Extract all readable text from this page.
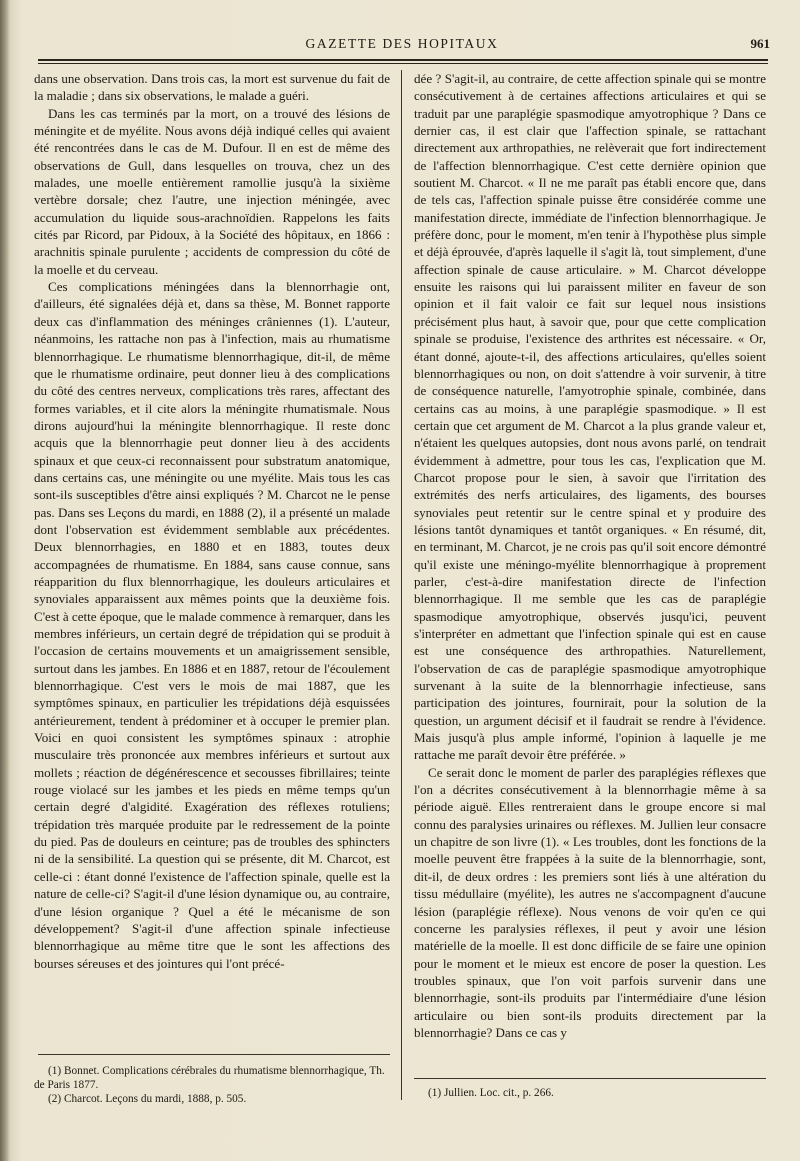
GAZETTE DES HOPITAUX	961

dans une observation. Dans trois cas, la mort est survenue du fait de la maladie ; dans six observations, le malade a guéri.

Dans les cas terminés par la mort, on a trouvé des lésions de méningite et de myélite. Nous avons déjà indiqué celles qui avaient été rencontrées dans le cas de M. Dufour. Il en est de même des observations de Gull, dans lesquelles on trouva, chez un des malades, une moelle entièrement ramollie jusqu'à la sixième vertèbre dorsale; chez l'autre, une injection méningée, avec accumulation du liquide sous-arachnoïdien. Rappelons les faits cités par Ricord, par Pidoux, à la Société des hôpitaux, en 1866 : arachnitis spinale purulente ; accidents de compression du côté de la moelle et du cerveau.

Ces complications méningées dans la blennorrhagie ont, d'ailleurs, été signalées déjà et, dans sa thèse, M. Bonnet rapporte deux cas d'inflammation des méninges crâniennes (1). L'auteur, néanmoins, les rattache non pas à l'infection, mais au rhumatisme blennorrhagique. Le rhumatisme blennorrhagique, dit-il, de même que le rhumatisme ordinaire, peut donner lieu à des complications du côté des centres nerveux, complications très rares, affectant des formes variables, et il cite alors la méningite rhumatismale. Nous dirons aujourd'hui la méningite blennorrhagique. Il reste donc acquis que la blennorrhagie peut donner lieu à des accidents spinaux et que ceux-ci reconnaissent pour substratum anatomique, dans certains cas, une méningite ou une myélite. Mais tous les cas sont-ils susceptibles d'être ainsi expliqués ? M. Charcot ne le pense pas. Dans ses Leçons du mardi, en 1888 (2), il a présenté un malade dont l'observation est évidemment semblable aux précédentes. Deux blennorrhagies, en 1880 et en 1883, toutes deux accompagnées de rhumatisme. En 1884, sans cause connue, sans réapparition du flux blennorrhagique, les douleurs articulaires et synoviales apparaissent aux mêmes points que la deuxième fois. C'est à cette époque, que le malade commence à remarquer, dans les membres inférieurs, un certain degré de trépidation qui se produit à l'occasion de certains mouvements et un amaigrissement sensible, surtout dans les jambes. En 1886 et en 1887, retour de l'écoulement blennorrhagique. C'est vers le mois de mai 1887, que les symptômes spinaux, en particulier les trépidations déjà esquissées antérieurement, tendent à prédominer et à occuper le premier plan. Voici en quoi consistent les symptômes spinaux : atrophie musculaire très prononcée aux membres inférieurs et surtout aux mollets ; réaction de dégénérescence et secousses fibrillaires; teinte rouge violacé sur les jambes et les pieds en même temps qu'un certain degré d'algidité. Exagération des réflexes rotuliens; trépidation très marquée produite par le redressement de la pointe du pied. Pas de douleurs en ceinture; pas de troubles des sphincters ni de la sensibilité. La question qui se présente, dit M. Charcot, est celle-ci : étant donné l'existence de l'affection spinale, quelle est la nature de celle-ci? S'agit-il d'une lésion dynamique ou, au contraire, d'une lésion organique ? Quel a été le mécanisme de son développement? S'agit-il d'une affection spinale infectieuse blennorrhagique au même titre que le sont les affections des bourses séreuses et des jointures qui l'ont précé-

dée ? S'agit-il, au contraire, de cette affection spinale qui se montre consécutivement à de certaines affections articulaires et qui se traduit par une paraplégie spasmodique amyotrophique ? Dans ce dernier cas, il est clair que l'affection spinale, se rattachant directement aux arthropathies, ne relèverait que fort indirectement de l'affection blennorrhagique. C'est cette dernière opinion que soutient M. Charcot. « Il ne me paraît pas établi encore que, dans de tels cas, l'affection spinale puisse être considérée comme une manifestation directe, immédiate de l'infection blennorrhagique. Je préfère donc, pour le moment, m'en tenir à l'hypothèse plus simple et déjà éprouvée, d'après laquelle il s'agit là, tout simplement, d'une affection spinale de cause articulaire. » M. Charcot développe ensuite les raisons qui lui paraissent militer en faveur de son opinion et il fait valoir ce fait sur lequel nous insistions précisément plus haut, à savoir que, pour que cette complication spinale se produise, l'existence des arthrites est nécessaire. « Or, étant donné, ajoute-t-il, des affections articulaires, qu'elles soient blennorrhagiques ou non, on doit s'attendre à voir survenir, à titre de conséquence naturelle, l'amyotrophie spinale, combinée, dans certains cas au moins, à une paraplégie spasmodique. » Il est certain que cet argument de M. Charcot a la plus grande valeur et, n'étaient les quelques autopsies, dont nous avons parlé, on tendrait évidemment à admettre, pour tous les cas, l'explication que M. Charcot propose pour le sien, à savoir que l'irritation des extrémités des nerfs articulaires, des ligaments, des bourses synoviales peut retentir sur le centre spinal et y produire des lésions tantôt dynamiques et tantôt organiques. « En résumé, dit, en terminant, M. Charcot, je ne crois pas qu'il soit encore démontré qu'il existe une méningo-myélite blennorrhagique à proprement parler, c'est-à-dire manifestation directe de l'infection blennorrhagique. Il me semble que les cas de paraplégie spasmodique amyotrophique, observés jusqu'ici, peuvent s'interpréter en admettant que l'infection spinale qui est en cause est une conséquence des arthropathies. Naturellement, l'observation de cas de paraplégie spasmodique amyotrophique survenant à la suite de la blennorrhagie infectieuse, sans participation des jointures, fournirait, pour la solution de la question, un argument décisif et il faudrait se rendre à l'évidence. Mais jusqu'à plus ample informé, l'opinion à laquelle je me rattache me paraît devoir être préférée. »

Ce serait donc le moment de parler des paraplégies réflexes que l'on a décrites consécutivement à la blennorrhagie même à sa période aiguë. Elles rentreraient dans le groupe encore si mal connu des paralysies urinaires ou réflexes. M. Jullien leur consacre un chapitre de son livre (1). « Les troubles, dont les fonctions de la moelle peuvent être frappées à la suite de la blennorrhagie, sont, dit-il, de deux ordres : les premiers sont liés à une altération du tissu médullaire (myélite), les autres ne s'accompagnent d'aucune lésion (paraplégie réflexe). Nous venons de voir qu'en ce qui concerne les paralysies réflexes, il peut y avoir une lésion matérielle de la moelle. Il est donc difficile de se faire une opinion pour le moment et le mieux est encore de poser la question. Les troubles spinaux, que l'on voit parfois survenir dans une blennorrhagie, sont-ils produits par l'intermédiaire d'une lésion articulaire ou bien sont-ils produits directement par la blennorrhagie? Dans ce cas y

(1) Bonnet. Complications cérébrales du rhumatisme blennorrhagique, Th. de Paris 1877.

(2) Charcot. Leçons du mardi, 1888, p. 505.

(1) Jullien. Loc. cit., p. 266.
